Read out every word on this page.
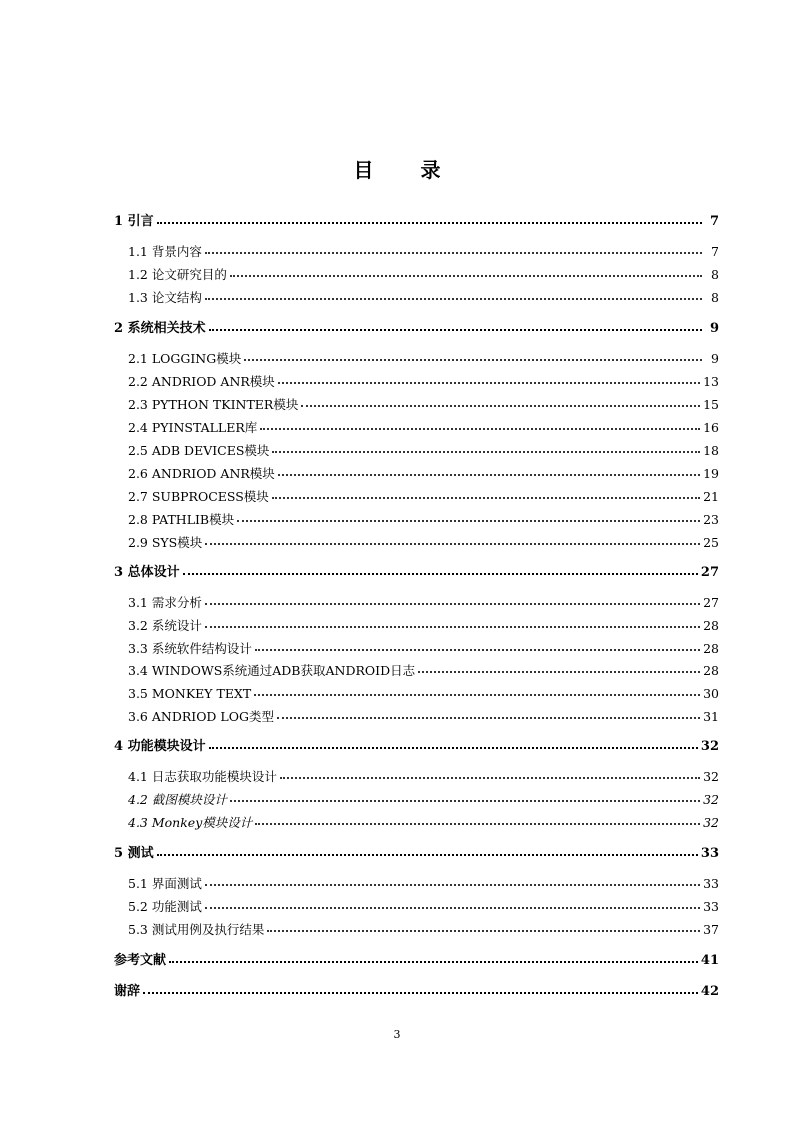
目 录
1 引言	7
1.1 背景内容	7
1.2 论文研究目的	8
1.3 论文结构	8
2 系统相关技术	9
2.1 LOGGING模块	9
2.2 ANDRIOD ANR模块	13
2.3 PYTHON TKINTER模块	15
2.4 PYINSTALLER库	16
2.5 ADB DEVICES模块	18
2.6 ANDRIOD ANR模块	19
2.7 SUBPROCESS模块	21
2.8 PATHLIB模块	23
2.9 SYS模块	25
3 总体设计	27
3.1 需求分析	27
3.2 系统设计	28
3.3 系统软件结构设计	28
3.4 WINDOWS系统通过ADB获取ANDROID日志	28
3.5 MONKEY TEXT	30
3.6 ANDRIOD LOG类型	31
4 功能模块设计	32
4.1 日志获取功能模块设计	32
4.2 截图模块设计	32
4.3 Monkey模块设计	32
5 测试	33
5.1 界面测试	33
5.2 功能测试	33
5.3 测试用例及执行结果	37
参考文献	41
谢辞	42
3
